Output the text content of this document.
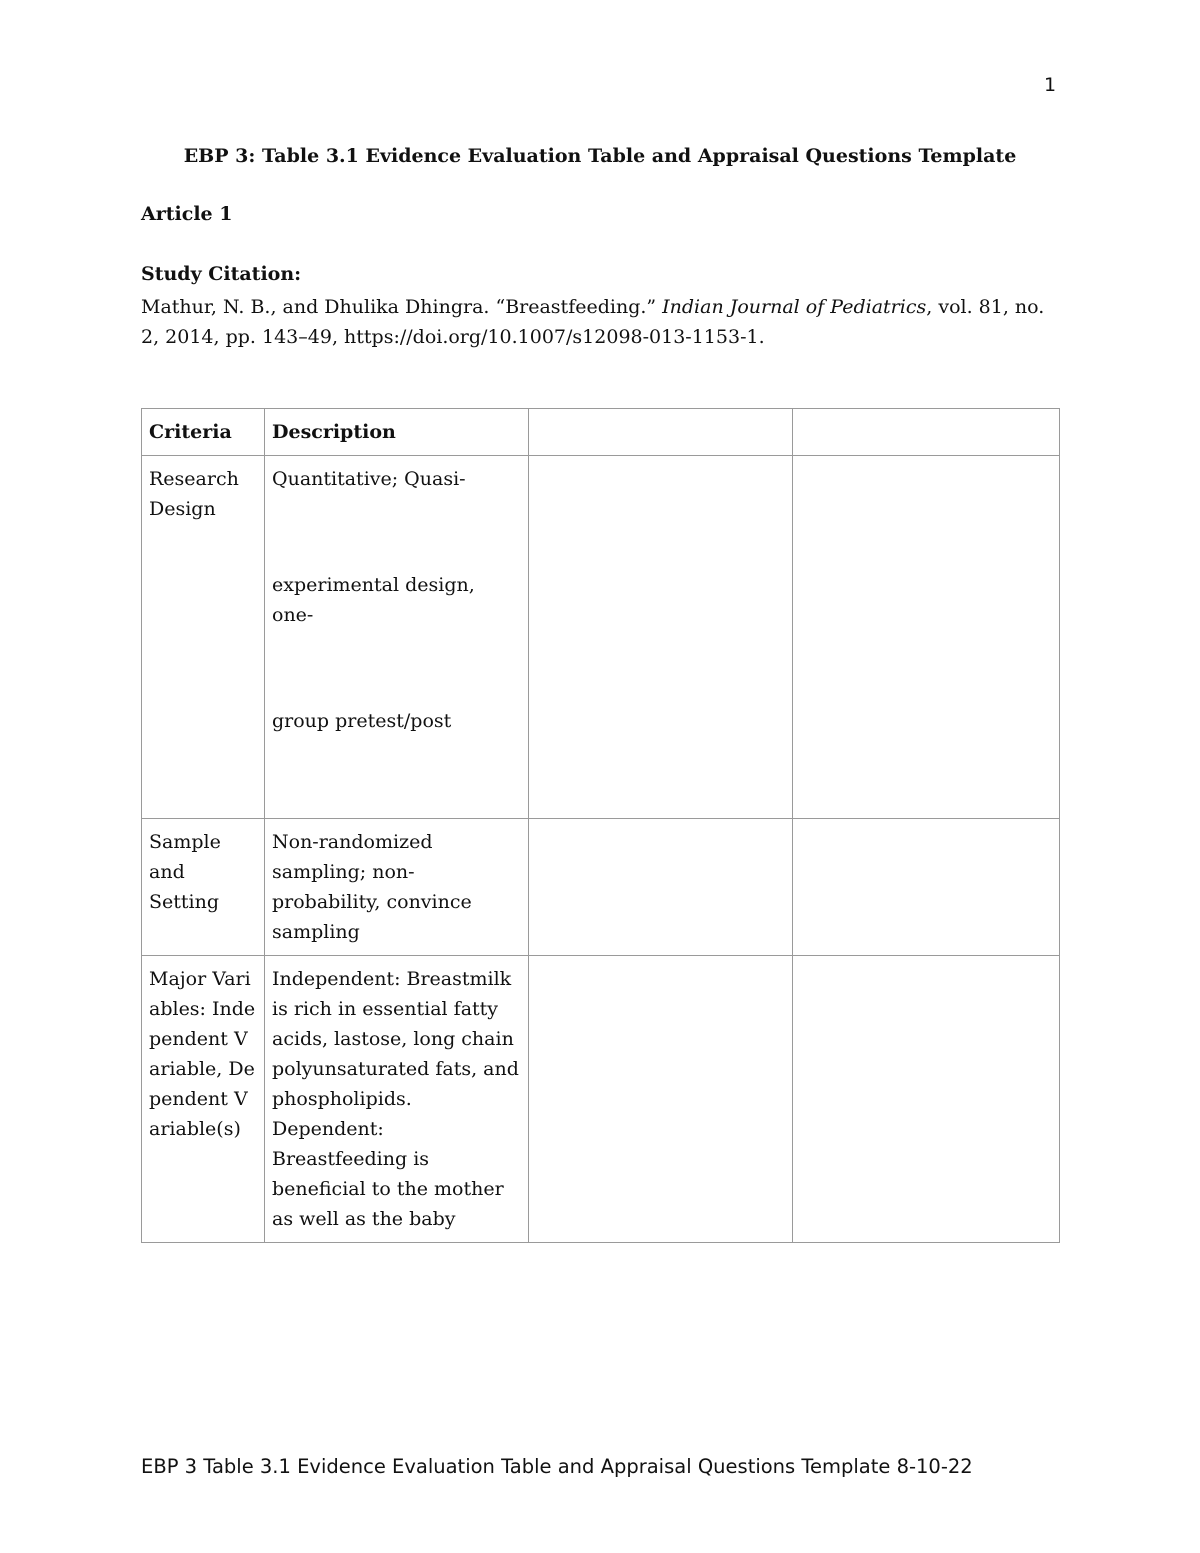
1
EBP 3: Table 3.1 Evidence Evaluation Table and Appraisal Questions Template
Article 1
Study Citation:
Mathur, N. B., and Dhulika Dhingra. “Breastfeeding.” Indian Journal of Pediatrics, vol. 81, no. 2, 2014, pp. 143–49, https://doi.org/10.1007/s12098-013-1153-1.
Criteria	Description		
Research Design	Quantitative; Quasi-
experimental design, one-
group pretest/post		

Sample and Setting	Non-randomized sampling; non-probability, convince sampling		
Major Variables: Independent Variable, Dependent Variable(s)	Independent: Breastmilk is rich in essential fatty acids, lastose, long chain polyunsaturated fats, and phospholipids.
Dependent: Breastfeeding is beneficial to the mother as well as the baby		

EBP 3 Table 3.1 Evidence Evaluation Table and Appraisal Questions Template 8-10-22
